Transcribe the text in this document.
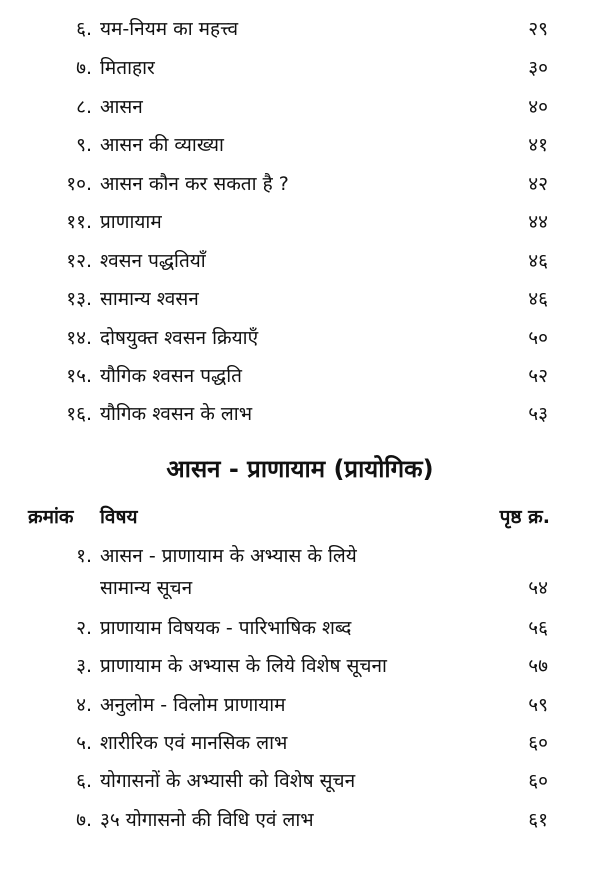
६. यम-नियम का महत्त्व	२९
७. मिताहार	३०
८. आसन	४०
९. आसन की व्याख्या	४१
१०. आसन कौन कर सकता है ?	४२
११. प्राणायाम	४४
१२. श्वसन पद्धतियाँ	४६
१३. सामान्य श्वसन	४६
१४. दोषयुक्त श्वसन क्रियाएँ	५०
१५. यौगिक श्वसन पद्धति	५२
१६. यौगिक श्वसन के लाभ	५३
आसन - प्राणायाम (प्रायोगिक)
क्रमांक विषय	पृष्ठ क्र.
१. आसन - प्राणायाम के अभ्यास के लिये
सामान्य सूचन	५४
२. प्राणायाम विषयक - पारिभाषिक शब्द	५६
३. प्राणायाम के अभ्यास के लिये विशेष सूचना	५७
४. अनुलोम - विलोम प्राणायाम	५९
५. शारीरिक एवं मानसिक लाभ	६०
६. योगासनों के अभ्यासी को विशेष सूचन	६०
७. ३५ योगासनो की विधि एवं लाभ	६१
